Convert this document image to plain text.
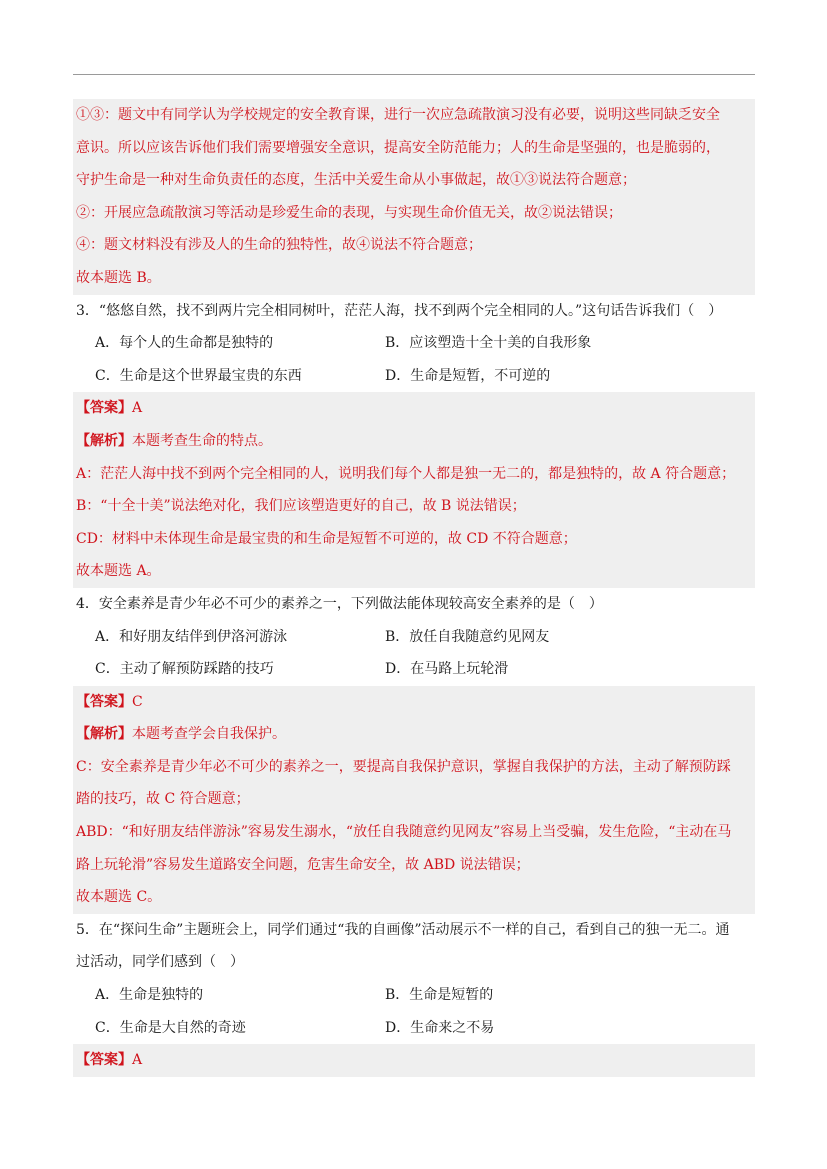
①③：题文中有同学认为学校规定的安全教育课，进行一次应急疏散演习没有必要，说明这些同缺乏安全
意识。所以应该告诉他们我们需要增强安全意识，提高安全防范能力；人的生命是坚强的，也是脆弱的，
守护生命是一种对生命负责任的态度，生活中关爱生命从小事做起，故①③说法符合题意；
②：开展应急疏散演习等活动是珍爱生命的表现，与实现生命价值无关，故②说法错误；
④：题文材料没有涉及人的生命的独特性，故④说法不符合题意；
故本题选 B。
3．“悠悠自然，找不到两片完全相同树叶，茫茫人海，找不到两个完全相同的人。”这句话告诉我们（　）
A．每个人的生命都是独特的	B．应该塑造十全十美的自我形象
C．生命是这个世界最宝贵的东西	D．生命是短暂，不可逆的
【答案】A
【解析】本题考查生命的特点。
A：茫茫人海中找不到两个完全相同的人，说明我们每个人都是独一无二的，都是独特的，故 A 符合题意；
B：“十全十美”说法绝对化，我们应该塑造更好的自己，故 B 说法错误；
CD：材料中未体现生命是最宝贵的和生命是短暂不可逆的，故 CD 不符合题意；
故本题选 A。
4．安全素养是青少年必不可少的素养之一，下列做法能体现较高安全素养的是（　）
A．和好朋友结伴到伊洛河游泳	B．放任自我随意约见网友
C．主动了解预防踩踏的技巧	D．在马路上玩轮滑
【答案】C
【解析】本题考查学会自我保护。
C：安全素养是青少年必不可少的素养之一，要提高自我保护意识，掌握自我保护的方法，主动了解预防踩
踏的技巧，故 C 符合题意；
ABD：“和好朋友结伴游泳”容易发生溺水，“放任自我随意约见网友”容易上当受骗，发生危险，“主动在马
路上玩轮滑”容易发生道路安全问题，危害生命安全，故 ABD 说法错误；
故本题选 C。
5．在“探问生命”主题班会上，同学们通过“我的自画像”活动展示不一样的自己，看到自己的独一无二。通
过活动，同学们感到（　）
A．生命是独特的	B．生命是短暂的
C．生命是大自然的奇迹	D．生命来之不易
【答案】A
